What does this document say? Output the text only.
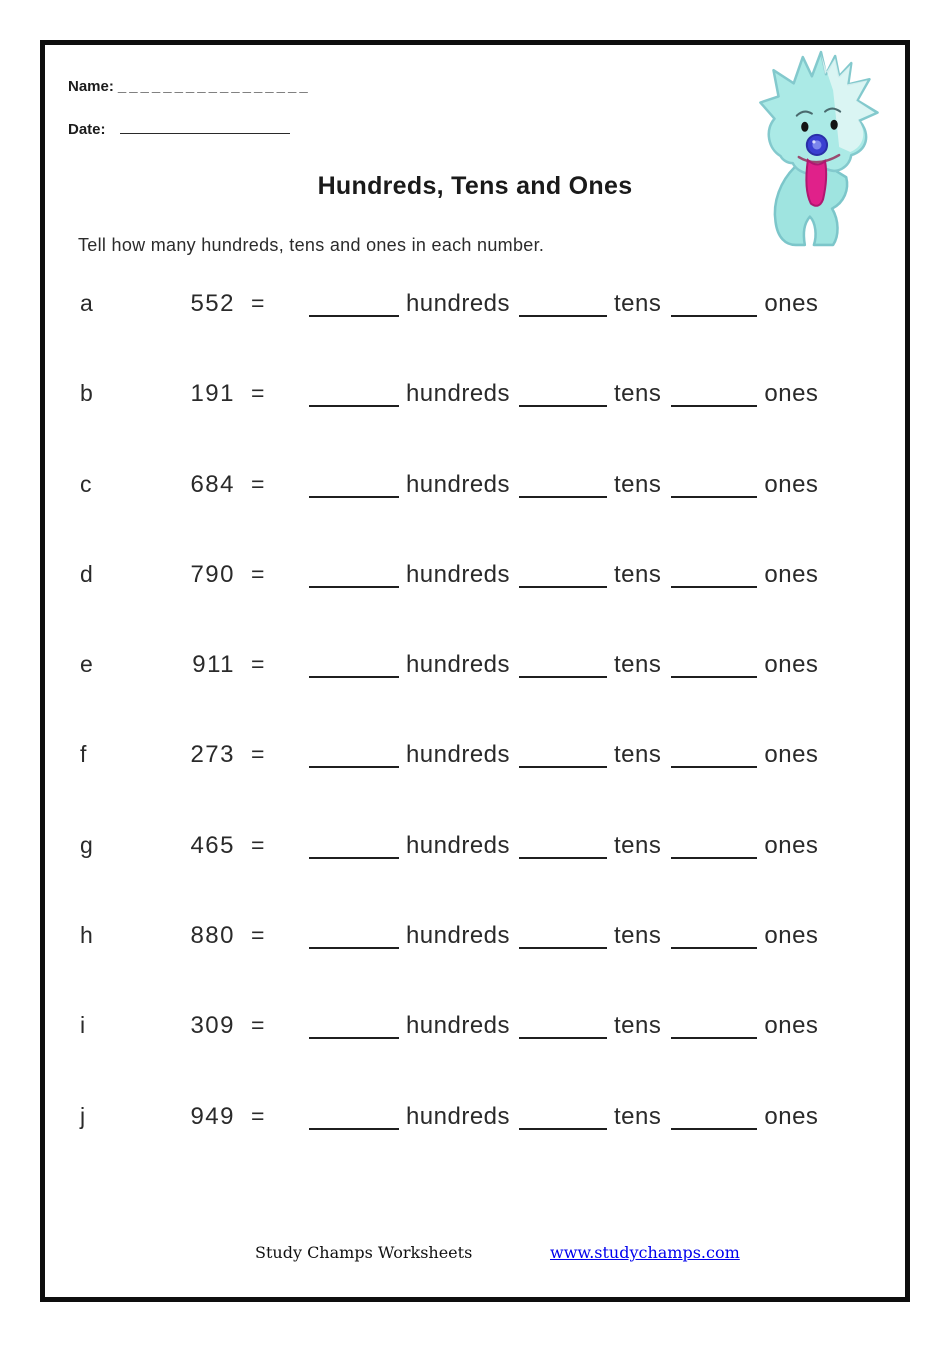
Name: _________________
Date:
Hundreds, Tens and Ones
Tell how many hundreds, tens and ones in each number.
a	552 =	hundreds	tens	ones
b	191 =	hundreds	tens	ones
c	684 =	hundreds	tens	ones
d	790 =	hundreds	tens	ones
e	911 =	hundreds	tens	ones
f	273 =	hundreds	tens	ones
g	465 =	hundreds	tens	ones
h	880 =	hundreds	tens	ones
i	309 =	hundreds	tens	ones
j	949 =	hundreds	tens	ones
Study Champs Worksheets	www.studychamps.com
